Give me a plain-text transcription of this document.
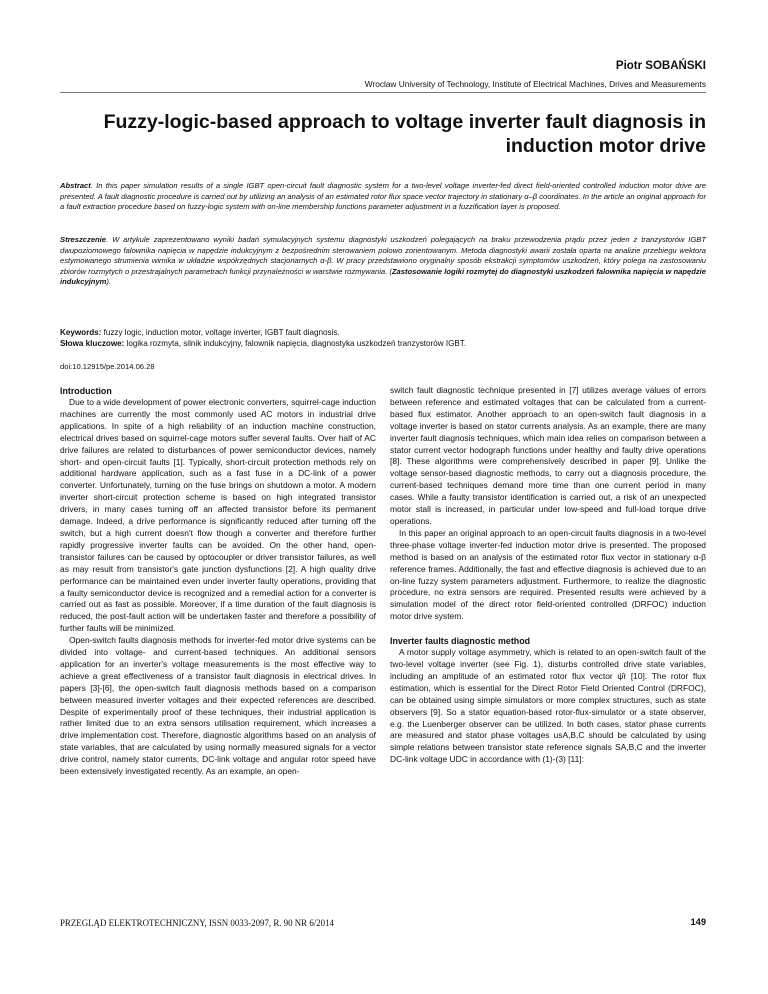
Piotr SOBAŃSKI
Wroclaw University of Technology, Institute of Electrical Machines, Drives and Measurements
Fuzzy-logic-based approach to voltage inverter fault diagnosis in induction motor drive

Abstract. In this paper simulation results of a single IGBT open-circuit fault diagnostic system for a two-level voltage inverter-fed direct field-oriented controlled induction motor drive are presented. A fault diagnostic procedure is carried out by utilizing an analysis of an estimated rotor flux space vector trajectory in stationary α–β coordinates. In the article an original approach for a fault extraction procedure based on fuzzy-logic system with on-line membership functions parameter adjustment in a fuzzification layer is proposed.

Streszczenie. W artykule zaprezentowano wyniki badań symulacyjnych systemu diagnostyki uszkodzeń polegających na braku przewodzenia prądu przez jeden z tranzystorów IGBT dwupoziomowego falownika napięcia w napędzie indukcyjnym z bezpośrednim sterowaniem polowo zorientowanym. Metoda diagnostyki awarii została oparta na analizie przebiegu wektora estymowanego strumienia wirnika w układzie współrzędnych stacjonarnych α-β. W pracy przedstawiono oryginalny sposób ekstrakcji symptomów uszkodzeń, który polega na zastosowaniu zbiorów rozmytych o przestrajalnych parametrach funkcji przynależności w warstwie rozmywania. (Zastosowanie logiki rozmytej do diagnostyki uszkodzeń falownika napięcia w napędzie indukcyjnym).

Keywords: fuzzy logic, induction motor, voltage inverter, IGBT fault diagnosis.
Słowa kluczowe: logika rozmyta, silnik indukcyjny, falownik napięcia, diagnostyka uszkodzeń tranzystorów IGBT.
doi:10.12915/pe.2014.06.28
Introduction

Due to a wide development of power electronic converters, squirrel-cage induction machines are currently the most commonly used AC motors in industrial drive applications. In spite of a high reliability of an induction machine construction, electrical drives based on squirrel-cage motors suffer several faults. Over half of AC drive failures are related to disturbances of power semiconductor devices, namely short- and open-circuit faults [1]. Typically, short-circuit protection methods rely on additional hardware application, such as a fast fuse in a DC-link of a power converter. Unfortunately, turning on the fuse brings on shutdown a motor. A modern inverter short-circuit protection scheme is based on high integrated transistor drivers, in many cases turning off an affected transistor before its permanent damage. Indeed, a drive performance is significantly reduced after turning off the switch, but a high current doesn't flow though a converter and therefore further rapidly progressive inverter faults can be avoided. On the other hand, open-transistor failures can be caused by optocoupler or driver transistor failures, as well as may result from transistor's gate junction dysfunctions [2]. A high quality drive performance can be maintained even under inverter faulty operations, providing that a faulty semiconductor device is recognized and a remedial action for a converter is carried out as fast as possible. Moreover, if a time duration of the fault diagnosis is reduced, the post-fault action will be undertaken faster and therefore a possibility of further faults will be minimized.

Open-switch faults diagnosis methods for inverter-fed motor drive systems can be divided into voltage- and current-based techniques. An additional sensors application for an inverter's voltage measurements is the most effective way to achieve a great effectiveness of a transistor fault diagnosis in electrical drives. In papers [3]-[6], the open-switch fault diagnosis methods based on a comparison between measured inverter voltages and their expected references are described. Despite of experimentally proof of these techniques, their industrial application is rather limited due to an extra sensors utilisation requirement, which increases a drive implementation cost. Therefore, diagnostic algorithms based on an analysis of state variables, that are calculated by using normally measured signals for a vector drive control, namely stator currents, DC-link voltage and angular rotor speed have been extensively investigated recently. As an example, an open-

switch fault diagnostic technique presented in [7] utilizes average values of errors between reference and estimated voltages that can be calculated from a current-based flux estimator. Another approach to an open-switch fault diagnosis in a voltage inverter is based on stator currents analysis. As an example, there are many inverter fault diagnosis techniques, which main idea relies on comparison between a stator current vector hodograph functions under healthy and faulty drive operations [8]. These algorithms were comprehensively described in paper [9]. Unlike the voltage sensor-based diagnostic methods, to carry out a diagnosis procedure, the current-based techniques demand more time than one current period in many cases. While a faulty transistor identification is carried out, a risk of an unexpected motor stall is increased, in particular under low-speed and full-load torque drive operations.

In this paper an original approach to an open-circuit faults diagnosis in a two-level three-phase voltage inverter-fed induction motor drive is presented. The proposed method is based on an analysis of the estimated rotor flux vector in stationary α-β reference frames. Additionally, the fast and effective diagnosis is achieved due to an on-line fuzzy system parameters adjustment. Furthermore, to realize the diagnostic procedure, no extra sensors are required. Presented results were achieved by a simulation model of the direct rotor field-oriented controlled (DRFOC) induction motor drive system.

Inverter faults diagnostic method

A motor supply voltage asymmetry, which is related to an open-switch fault of the two-level voltage inverter (see Fig. 1), disturbs controlled drive state variables, including an amplitude of an estimated rotor flux vector ψ̂r [10]. The rotor flux estimation, which is essential for the Direct Rotor Field Oriented Control (DRFOC), can be obtained using simple simulators or more complex structures, such as state observers [9]. So a stator equation-based rotor-flux-simulator or a state observer, e.g. the Luenberger observer can be utilized. In both cases, stator phase currents are measured and stator phase voltages usA,B,C should be calculated by using simple relations between transistor state reference signals SA,B,C and the inverter DC-link voltage UDC in accordance with (1)-(3) [11]:

PRZEGLĄD ELEKTROTECHNICZNY, ISSN 0033-2097, R. 90 NR 6/2014	149
